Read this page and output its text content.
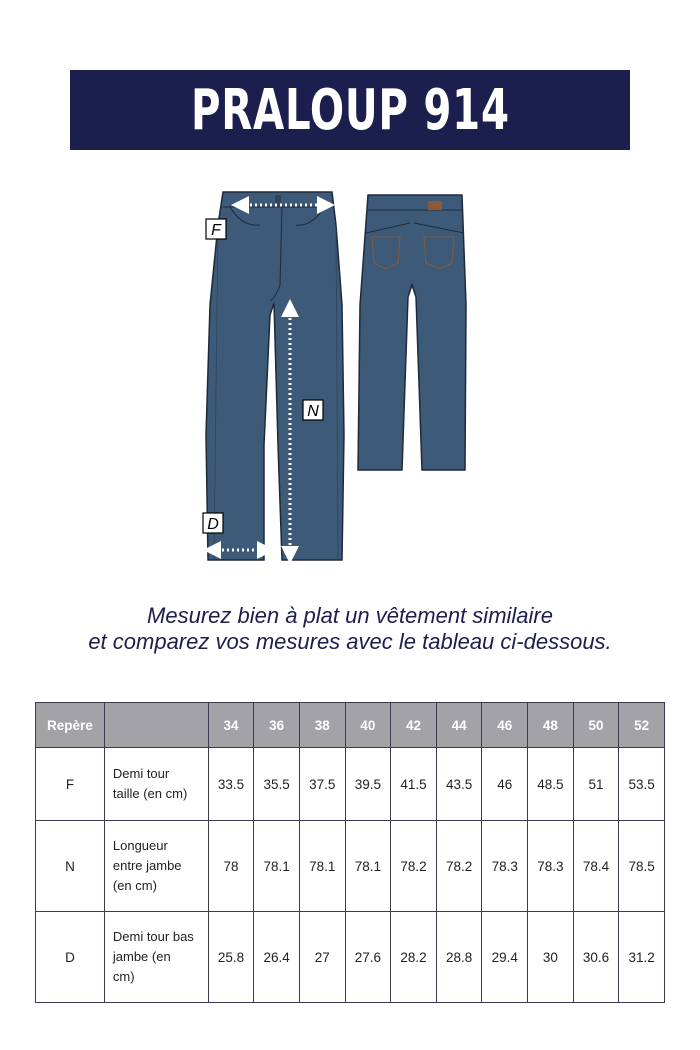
PRALOUP 914
F
N
D
Mesurez bien à plat un vêtement similaire
et comparez vos mesures avec le tableau ci-dessous.
Repère		34	36	38	40	42	44	46	48	50	52
F	Demi tour
taille (en cm)	33.5	35.5	37.5	39.5	41.5	43.5	46	48.5	51	53.5
N	Longueur
entre jambe
(en cm)	78	78.1	78.1	78.1	78.2	78.2	78.3	78.3	78.4	78.5
D	Demi tour bas
jambe (en
cm)	25.8	26.4	27	27.6	28.2	28.8	29.4	30	30.6	31.2
